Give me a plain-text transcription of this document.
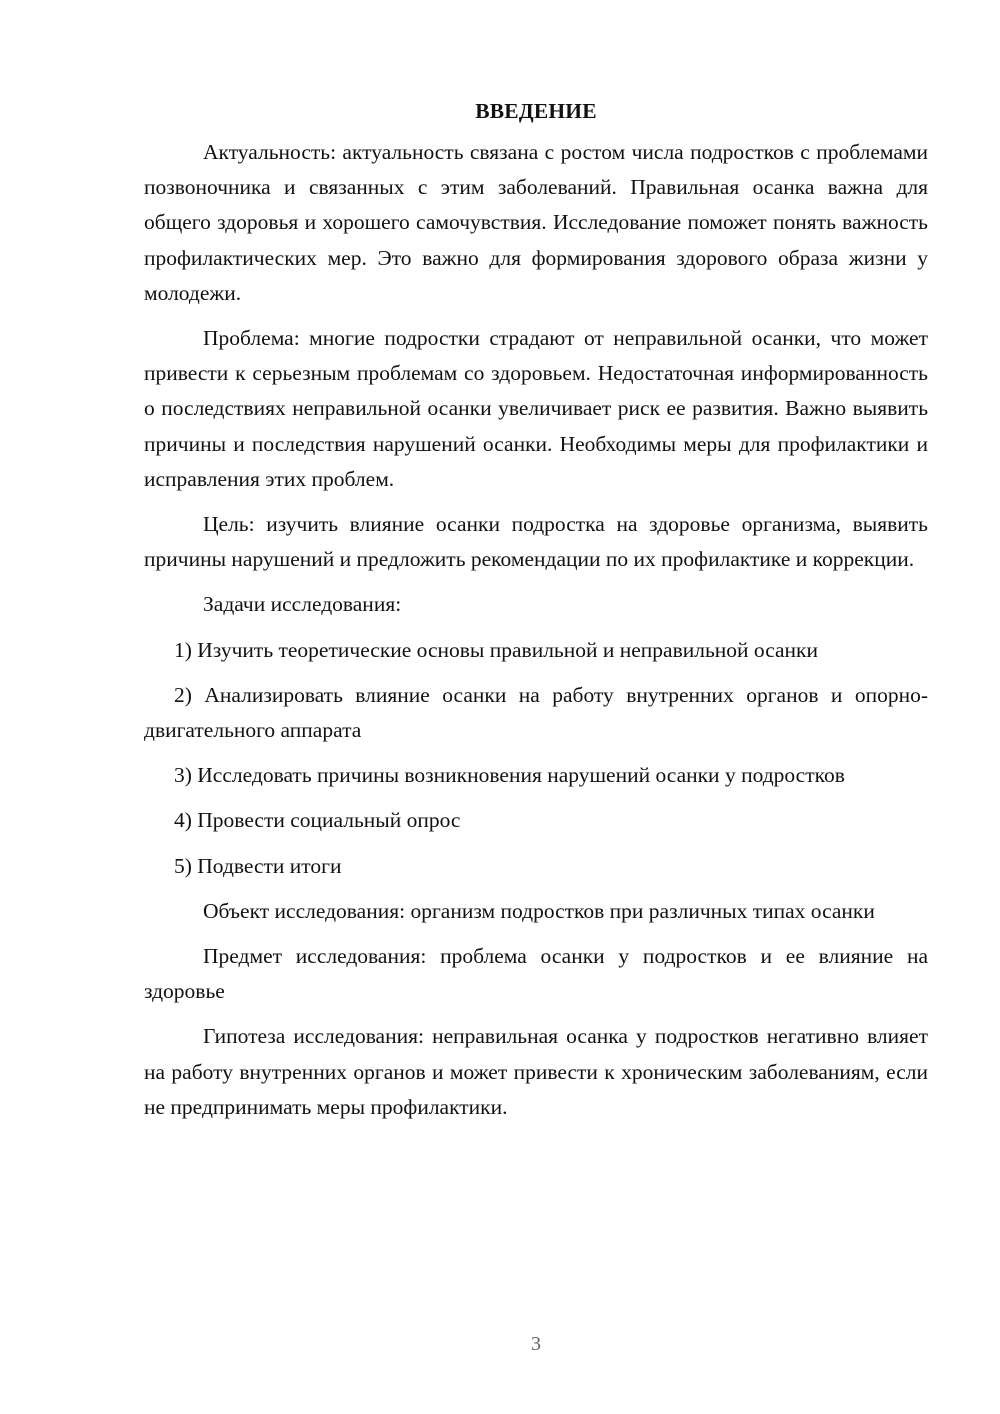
ВВЕДЕНИЕ

Актуальность: актуальность связана с ростом числа подростков с проблемами позвоночника и связанных с этим заболеваний. Правильная осанка важна для общего здоровья и хорошего самочувствия. Исследование поможет понять важность профилактических мер. Это важно для формирования здорового образа жизни у молодежи.

Проблема: многие подростки страдают от неправильной осанки, что может привести к серьезным проблемам со здоровьем. Недостаточная информированность о последствиях неправильной осанки увеличивает риск ее развития. Важно выявить причины и последствия нарушений осанки. Необходимы меры для профилактики и исправления этих проблем.

Цель: изучить влияние осанки подростка на здоровье организма, выявить причины нарушений и предложить рекомендации по их профилактике и коррекции.

Задачи исследования:

1) Изучить теоретические основы правильной и неправильной осанки

2) Анализировать влияние осанки на работу внутренних органов и опорно-двигательного аппарата

3) Исследовать причины возникновения нарушений осанки у подростков

4) Провести социальный опрос

5) Подвести итоги

Объект исследования: организм подростков при различных типах осанки

Предмет исследования: проблема осанки у подростков и ее влияние на здоровье

Гипотеза исследования: неправильная осанка у подростков негативно влияет на работу внутренних органов и может привести к хроническим заболеваниям, если не предпринимать меры профилактики.

3
